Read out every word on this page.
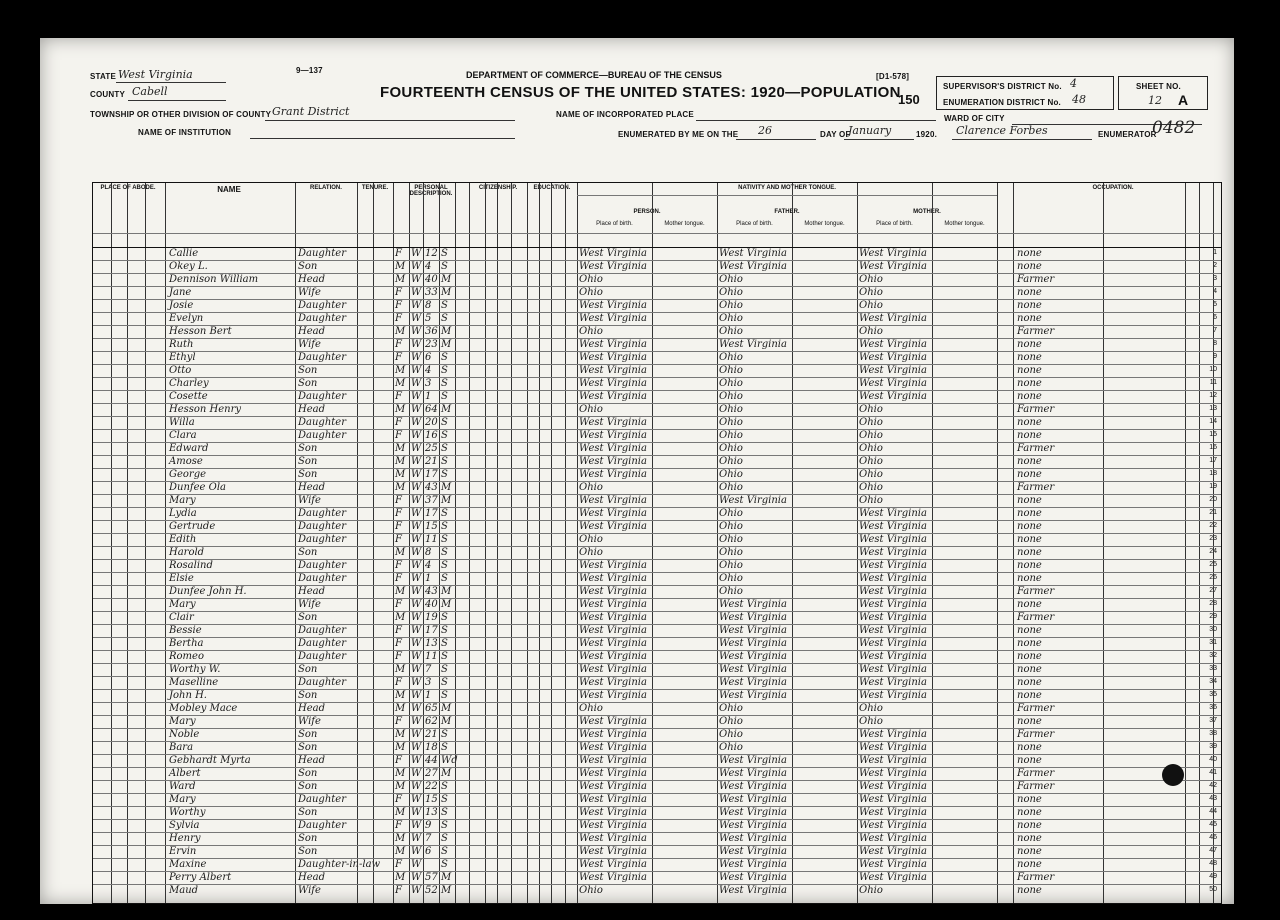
STATE West Virginia	9—137	DEPARTMENT OF COMMERCE—BUREAU OF THE CENSUS	[D1-578]
SUPERVISOR'S DISTRICT No. 4
ENUMERATION DISTRICT No. 48
SHEET NO.
12 A
COUNTY Cabell	FOURTEENTH CENSUS OF THE UNITED STATES: 1920—POPULATION
150
TOWNSHIP OR OTHER DIVISION OF COUNTY Grant District	NAME OF INCORPORATED PLACE	WARD OF CITY
NAME OF INSTITUTION	ENUMERATED BY ME ON THE 26	DAY OF
January	1920. Clarence Forbes	ENUMERATOR
0482
PLACE OF ABODE.	NAME	RELATION.	TENURE.	PERSONAL DESCRIPTION.
CITIZENSHIP.	EDUCATION.	NATIVITY AND MOTHER TONGUE.	OCCUPATION.
PERSON.	FATHER.	MOTHER.
Place of birth.	Mother tongue.	Place of birth.	Mother tongue.	Place of birth.	Mother tongue.
1
Callie	Daughter	F W 12 S	West Virginia	West Virginia	West Virginia	none
2
Okey L.	Son	M W 4 S	West Virginia	West Virginia	West Virginia	none
3
Dennison William	Head	M W 40 M	Ohio	Ohio	Ohio	Farmer
4
Jane	Wife	F W 33 M	Ohio	Ohio	Ohio	none
5
Josie	Daughter	F W 8 S	West Virginia	Ohio	Ohio	none
6
Evelyn	Daughter	F W 5 S	West Virginia	Ohio	West Virginia	none
7
Hesson Bert	Head	M W 36 M	Ohio	Ohio	Ohio	Farmer
8
Ruth	Wife	F W 23 M	West Virginia	West Virginia	West Virginia	none
9
Ethyl	Daughter	F W 6 S	West Virginia	Ohio	West Virginia	none
10
Otto	Son	M W 4 S	West Virginia	Ohio	West Virginia	none
11
Charley	Son	M W 3 S	West Virginia	Ohio	West Virginia	none
12
Cosette	Daughter	F W 1 S	West Virginia	Ohio	West Virginia	none
13
Hesson Henry	Head	M W 64 M	Ohio	Ohio	Ohio	Farmer
14
Willa	Daughter	F W 20 S	West Virginia	Ohio	Ohio	none
15
Clara	Daughter	F W 16 S	West Virginia	Ohio	Ohio	none
16
Edward	Son	M W 25 S	West Virginia	Ohio	Ohio	Farmer
17
Amose	Son	M W 21 S	West Virginia	Ohio	Ohio	none
18
George	Son	M W 17 S	West Virginia	Ohio	Ohio	none
19
Dunfee Ola	Head	M W 43 M	Ohio	Ohio	Ohio	Farmer
20
Mary	Wife	F W 37 M	West Virginia	West Virginia	Ohio	none
21
Lydia	Daughter	F W 17 S	West Virginia	Ohio	West Virginia	none
22
Gertrude	Daughter	F W 15 S	West Virginia	Ohio	West Virginia	none
23
Edith	Daughter	F W 11 S	Ohio	Ohio	West Virginia	none
24
Harold	Son	M W 8 S	Ohio	Ohio	West Virginia	none
25
Rosalind	Daughter	F W 4 S	West Virginia	Ohio	West Virginia	none
26
Elsie	Daughter	F W 1 S	West Virginia	Ohio	West Virginia	none
27
Dunfee John H.	Head	M W 43 M	West Virginia	Ohio	West Virginia	Farmer
28
Mary	Wife	F W 40 M	West Virginia	West Virginia	West Virginia	none
29
Clair	Son	M W 19 S	West Virginia	West Virginia	West Virginia	Farmer
30
Bessie	Daughter	F W 17 S	West Virginia	West Virginia	West Virginia	none
31
Bertha	Daughter	F W 13 S	West Virginia	West Virginia	West Virginia	none
32
Romeo	Daughter	F W 11 S	West Virginia	West Virginia	West Virginia	none
33
Worthy W.	Son	M W 7 S	West Virginia	West Virginia	West Virginia	none
34
Maselline	Daughter	F W 3 S	West Virginia	West Virginia	West Virginia	none
35
John H.	Son	M W 1 S	West Virginia	West Virginia	West Virginia	none
36
Mobley Mace	Head	M W 65 M	Ohio	Ohio	Ohio	Farmer
37
Mary	Wife	F W 62 M	West Virginia	Ohio	Ohio	none
38
Noble	Son	M W 21 S	West Virginia	Ohio	West Virginia	Farmer
39
Bara	Son	M W 18 S	West Virginia	Ohio	West Virginia	none
40
Gebhardt Myrta	Head	F W 44 Wd	West Virginia	West Virginia	West Virginia	none
41
Albert	Son	M W 27 M	West Virginia	West Virginia	West Virginia	Farmer
42
Ward	Son	M W 22 S	West Virginia	West Virginia	West Virginia	Farmer
43
Mary	Daughter	F W 15 S	West Virginia	West Virginia	West Virginia	none
44
Worthy	Son	M W 13 S	West Virginia	West Virginia	West Virginia	none
45
Sylvia	Daughter	F W 9 S	West Virginia	West Virginia	West Virginia	none
46
Henry	Son	M W 7 S	West Virginia	West Virginia	West Virginia	none
47
Ervin	Son	M W 6 S	West Virginia	West Virginia	West Virginia	none
48
Maxine	Daughter-in-law F W S	West Virginia	West Virginia	West Virginia	none
49
Perry Albert	Head	M W 57 M	West Virginia	West Virginia	West Virginia	Farmer
50
Maud	Wife	F W 52 M	Ohio	West Virginia	Ohio	none
